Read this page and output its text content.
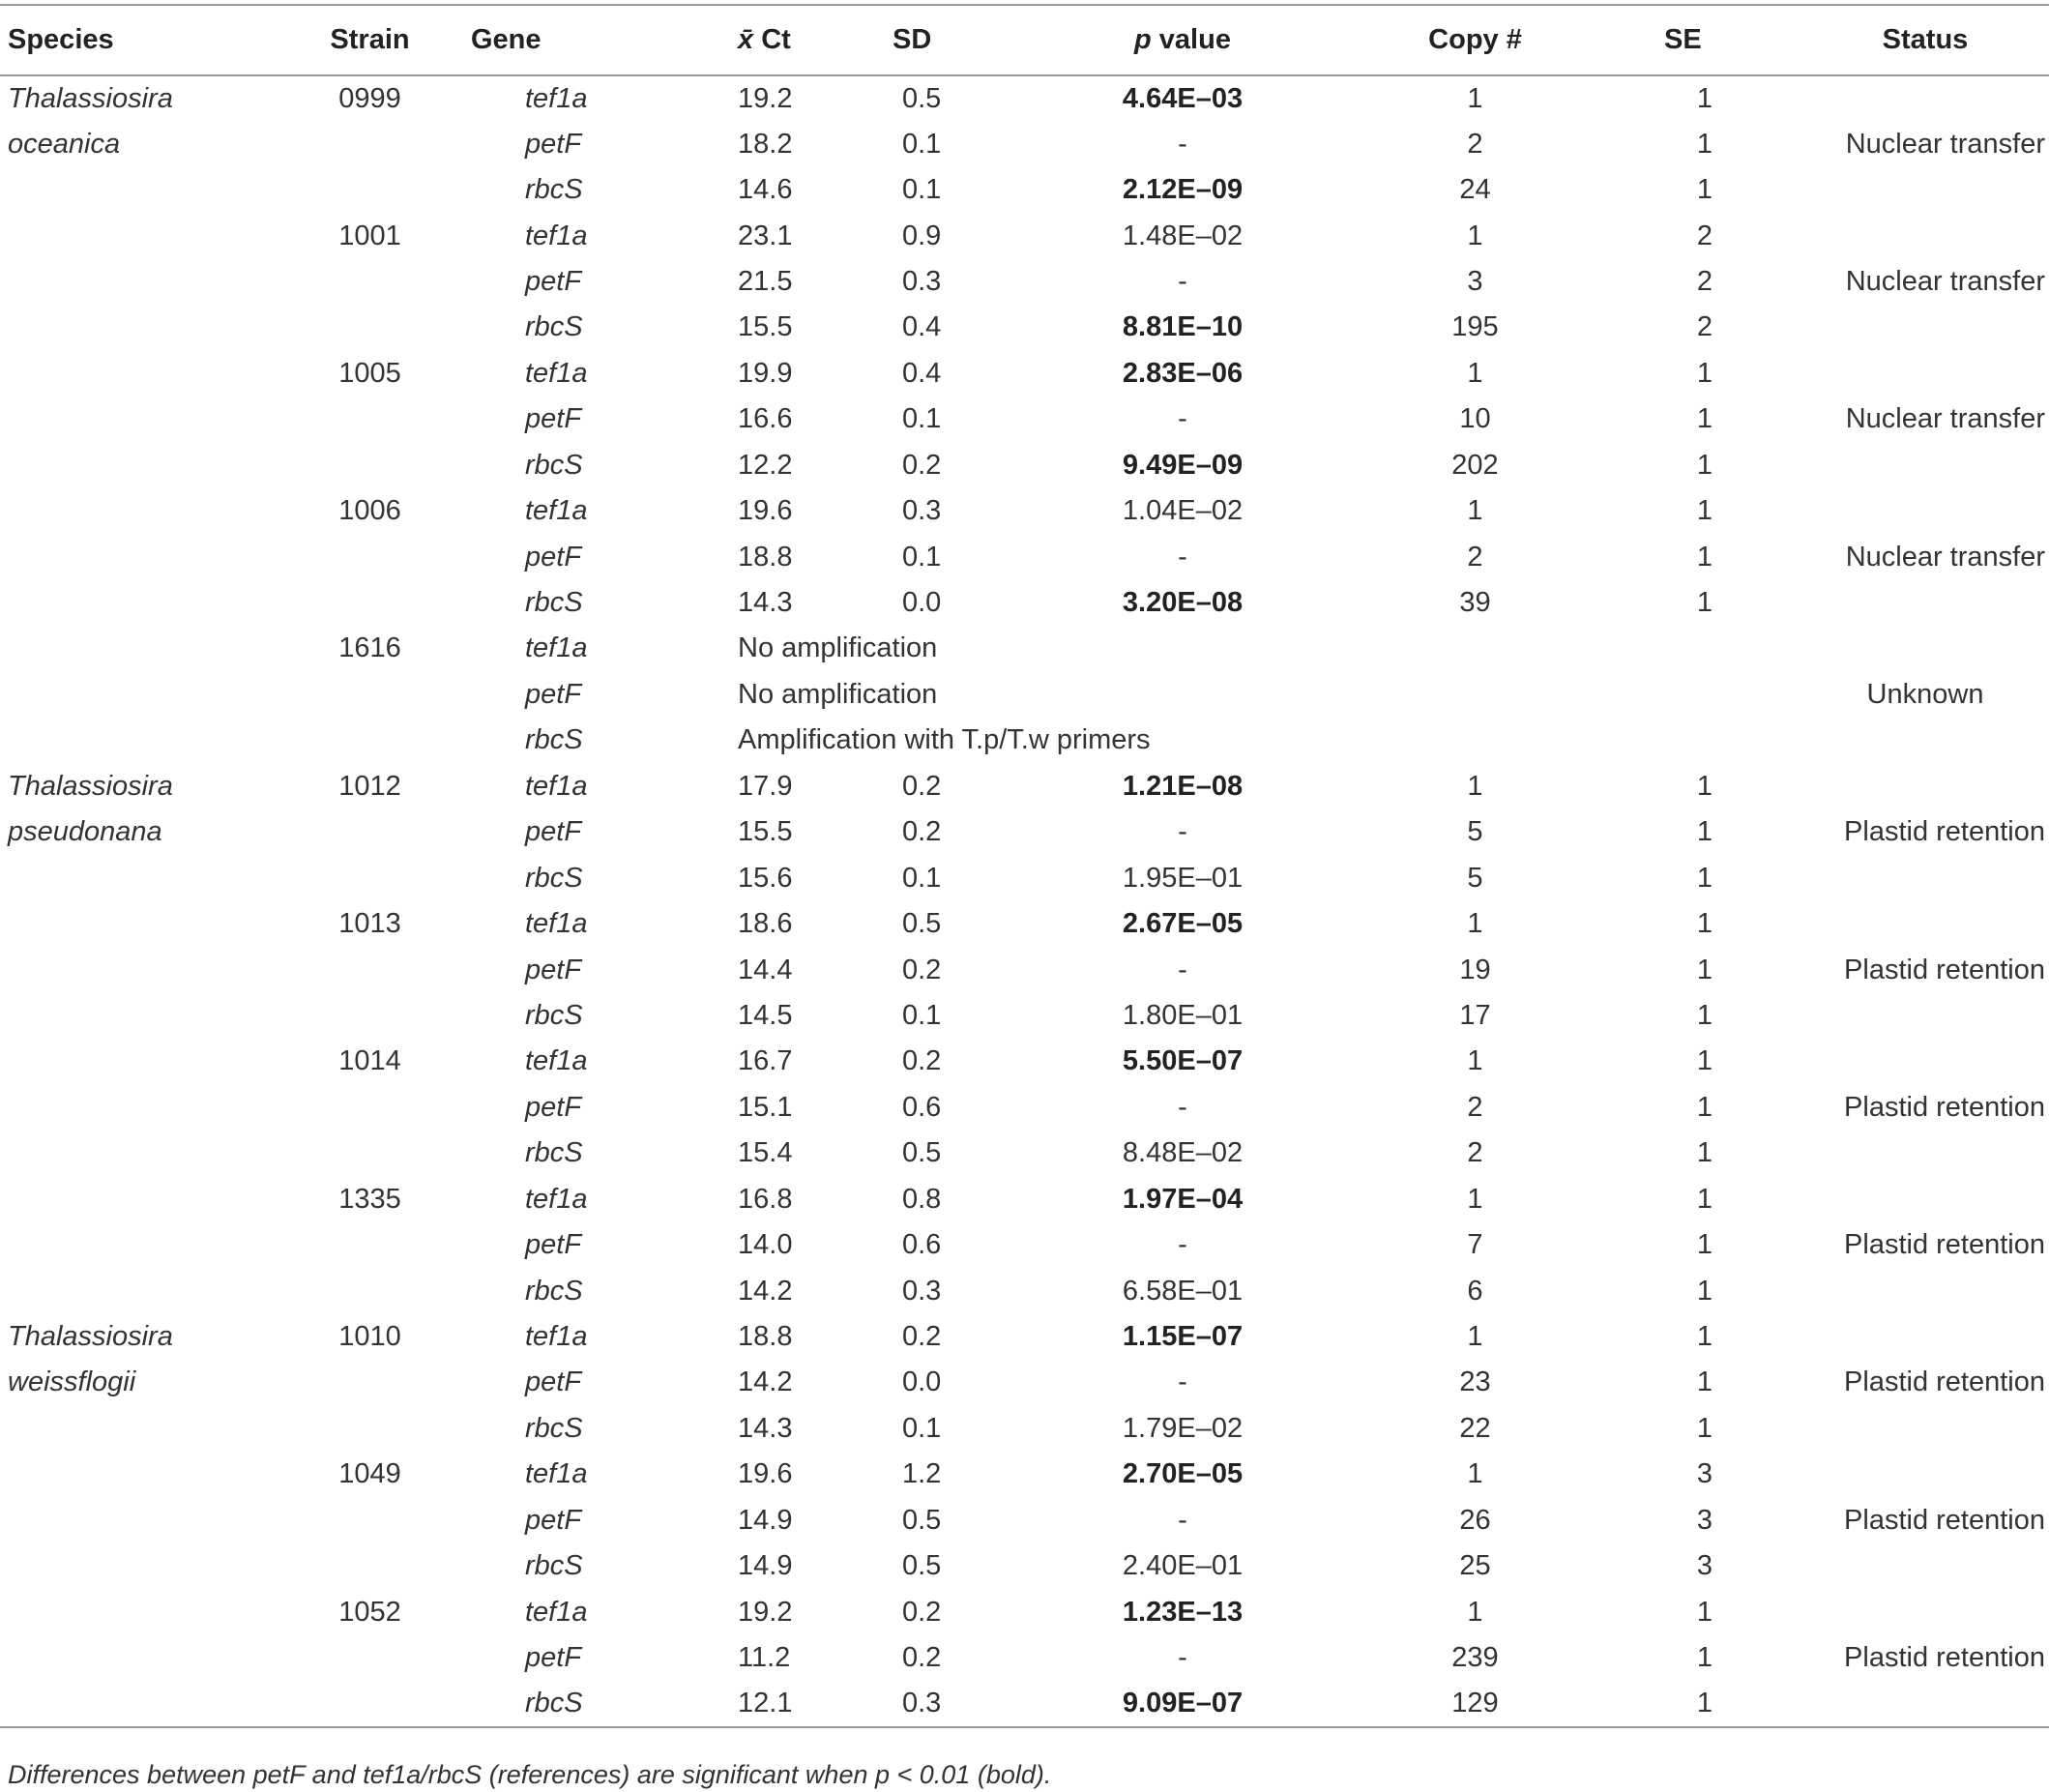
Species	Strain	Gene	x̄ Ct	SD	p value	Copy #	SE	Status
Thalassiosira	0999	tef1a	19.2	0.5	4.64E–03	1	1	
oceanica		petF	18.2	0.1	-	2	1	Nuclear transfer
		rbcS	14.6	0.1	2.12E–09	24	1	
	1001	tef1a	23.1	0.9	1.48E–02	1	2	
		petF	21.5	0.3	-	3	2	Nuclear transfer
		rbcS	15.5	0.4	8.81E–10	195	2	
	1005	tef1a	19.9	0.4	2.83E–06	1	1	
		petF	16.6	0.1	-	10	1	Nuclear transfer
		rbcS	12.2	0.2	9.49E–09	202	1	
	1006	tef1a	19.6	0.3	1.04E–02	1	1	
		petF	18.8	0.1	-	2	1	Nuclear transfer
		rbcS	14.3	0.0	3.20E–08	39	1	
	1616	tef1a	No amplification					
		petF	No amplification					Unknown
		rbcS	Amplification with T.p/T.w primers					
Thalassiosira	1012	tef1a	17.9	0.2	1.21E–08	1	1	
pseudonana		petF	15.5	0.2	-	5	1	Plastid retention
		rbcS	15.6	0.1	1.95E–01	5	1	
	1013	tef1a	18.6	0.5	2.67E–05	1	1	
		petF	14.4	0.2	-	19	1	Plastid retention
		rbcS	14.5	0.1	1.80E–01	17	1	
	1014	tef1a	16.7	0.2	5.50E–07	1	1	
		petF	15.1	0.6	-	2	1	Plastid retention
		rbcS	15.4	0.5	8.48E–02	2	1	
	1335	tef1a	16.8	0.8	1.97E–04	1	1	
		petF	14.0	0.6	-	7	1	Plastid retention
		rbcS	14.2	0.3	6.58E–01	6	1	
Thalassiosira	1010	tef1a	18.8	0.2	1.15E–07	1	1	
weissflogii		petF	14.2	0.0	-	23	1	Plastid retention
		rbcS	14.3	0.1	1.79E–02	22	1	
	1049	tef1a	19.6	1.2	2.70E–05	1	3	
		petF	14.9	0.5	-	26	3	Plastid retention
		rbcS	14.9	0.5	2.40E–01	25	3	
	1052	tef1a	19.2	0.2	1.23E–13	1	1	
		petF	11.2	0.2	-	239	1	Plastid retention
		rbcS	12.1	0.3	9.09E–07	129	1	
Differences between petF and tef1a/rbcS (references) are significant when p < 0.01 (bold).
